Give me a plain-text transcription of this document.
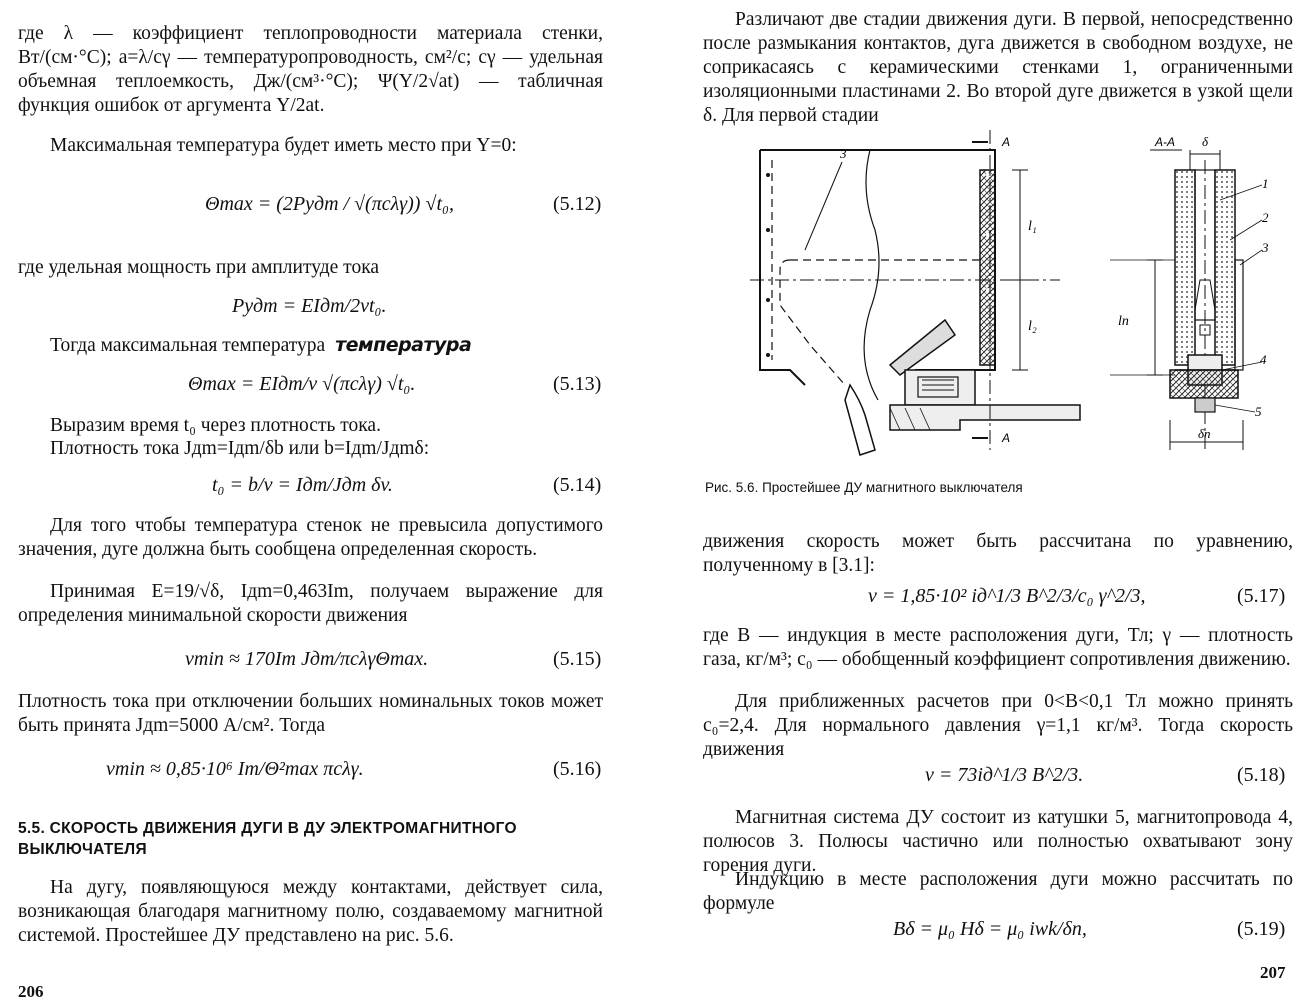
где λ — коэффициент теплопроводности материала стенки, Вт/(см·°С); a=λ/cγ — температуропроводность, см²/с; cγ — удельная объемная теплоемкость, Дж/(см³·°С); Ψ(Y/2√at) — табличная функция ошибок от аргумента Y/2at.

Максимальная температура будет иметь место при Y=0:

Θmax = (2Pудm / √(πcλγ)) √t₀,	(5.12)

где удельная мощность при амплитуде тока

Pудm = EIдm/2vt₀.

Тогда максимальная температура температура

Θmax = EIдm/v √(πcλγ) √t₀.	(5.13)

Выразим время t₀ через плотность тока.

Плотность тока Jдm=Iдm/δb или b=Iдm/Jдmδ:

t₀ = b/v = Iдm/Jдm δv.	(5.14)

Для того чтобы температура стенок не превысила допустимого значения, дуге должна быть сообщена определенная скорость.

Принимая E=19/√δ, Iдm=0,463Im, получаем выражение для определения минимальной скорости движения

vmin ≈ 170Im Jдm/πcλγΘmax.	(5.15)

Плотность тока при отключении больших номинальных токов может быть принята Jдm=5000 А/см². Тогда

vmin ≈ 0,85·10⁶ Im/Θ²max πcλγ.	(5.16)
5.5. СКОРОСТЬ ДВИЖЕНИЯ ДУГИ В ДУ ЭЛЕКТРОМАГНИТНОГО ВЫКЛЮЧАТЕЛЯ

На дугу, появляющуюся между контактами, действует сила, возникающая благодаря магнитному полю, создаваемому магнитной системой. Простейшее ДУ представлено на рис. 5.6.

206

Различают две стадии движения дуги. В первой, непосредственно после размыкания контактов, дуга движется в свободном воздухе, не соприкасаясь с керамическими стенками 1, ограниченными изоляционными пластинами 2. Во второй дуге движется в узкой щели δ. Для первой стадии

А
А
3
l₁
l₂
А-А δ
lп
δп
1
2
3
4
5
Рис. 5.6. Простейшее ДУ магнитного выключателя

движения скорость может быть рассчитана по уравнению, полученному в [3.1]:

v = 1,85·10² iд^1/3 B^2/3/c₀ γ^2/3,	(5.17)

где B — индукция в месте расположения дуги, Тл; γ — плотность газа, кг/м³; c₀ — обобщенный коэффициент сопротивления движению.

Для приближенных расчетов при 0<B<0,1 Тл можно принять c₀=2,4. Для нормального давления γ=1,1 кг/м³. Тогда скорость движения

v = 73iд^1/3 B^2/3.	(5.18)

Магнитная система ДУ состоит из катушки 5, магнитопровода 4, полюсов 3. Полюсы частично или полностью охватывают зону горения дуги.

Индукцию в месте расположения дуги можно рассчитать по формуле

Bδ = μ₀ Hδ = μ₀ iwk/δп,	(5.19)
207
